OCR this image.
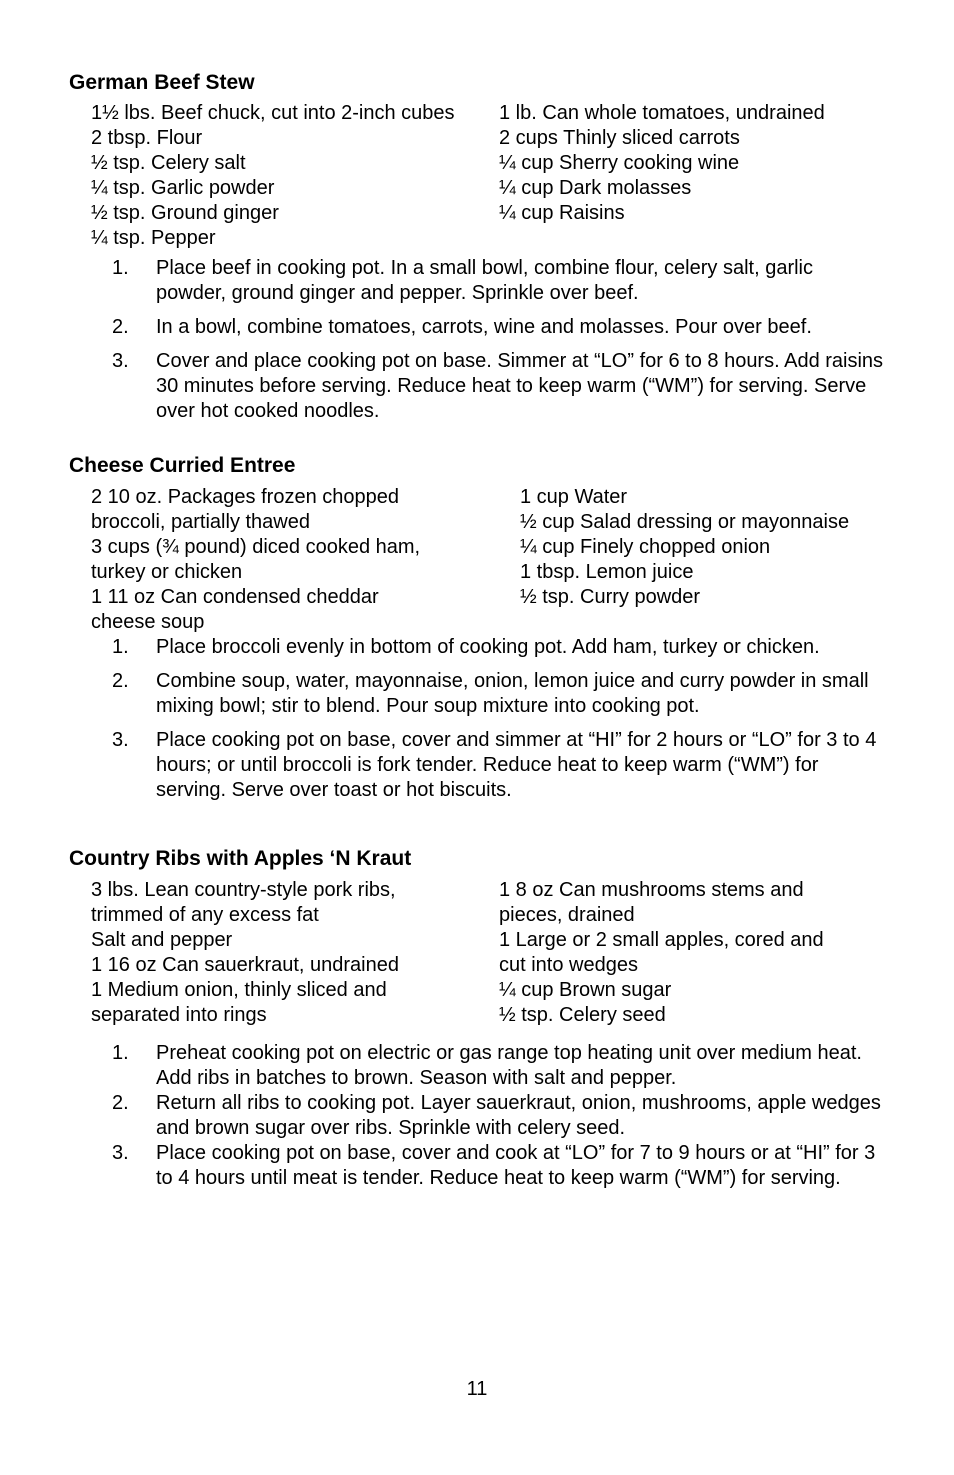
German Beef Stew
1½ lbs. Beef chuck, cut into 2-inch cubes
2 tbsp. Flour
½ tsp. Celery salt
¼ tsp. Garlic powder
½ tsp. Ground ginger
¼ tsp. Pepper
1 lb. Can whole tomatoes, undrained
2 cups Thinly sliced carrots
¼ cup Sherry cooking wine
¼ cup Dark molasses
¼ cup Raisins
1. Place beef in cooking pot. In a small bowl, combine flour, celery salt, garlic powder, ground ginger and pepper. Sprinkle over beef.
2. In a bowl, combine tomatoes, carrots, wine and molasses. Pour over beef.
3. Cover and place cooking pot on base. Simmer at “LO” for 6 to 8 hours. Add raisins 30 minutes before serving. Reduce heat to keep warm (“WM”) for serving. Serve over hot cooked noodles.
Cheese Curried Entree
2 10 oz. Packages frozen chopped
broccoli, partially thawed
3 cups (¾ pound) diced cooked ham,
turkey or chicken
1 11 oz Can condensed cheddar
cheese soup
1 cup Water
½ cup Salad dressing or mayonnaise
¼ cup Finely chopped onion
1 tbsp. Lemon juice
½ tsp. Curry powder
1. Place broccoli evenly in bottom of cooking pot. Add ham, turkey or chicken.
2. Combine soup, water, mayonnaise, onion, lemon juice and curry powder in small mixing bowl; stir to blend. Pour soup mixture into cooking pot.
3. Place cooking pot on base, cover and simmer at “HI” for 2 hours or “LO” for 3 to 4 hours; or until broccoli is fork tender. Reduce heat to keep warm (“WM”) for serving. Serve over toast or hot biscuits.
Country Ribs with Apples ‘N Kraut
3 lbs. Lean country-style pork ribs,
trimmed of any excess fat
Salt and pepper
1 16 oz Can sauerkraut, undrained
1 Medium onion, thinly sliced and
separated into rings
1 8 oz Can mushrooms stems and
pieces, drained
1 Large or 2 small apples, cored and
cut into wedges
¼ cup Brown sugar
½ tsp. Celery seed
1. Preheat cooking pot on electric or gas range top heating unit over medium heat. Add ribs in batches to brown. Season with salt and pepper.
2. Return all ribs to cooking pot. Layer sauerkraut, onion, mushrooms, apple wedges and brown sugar over ribs. Sprinkle with celery seed.
3. Place cooking pot on base, cover and cook at “LO” for 7 to 9 hours or at “HI” for 3 to 4 hours until meat is tender. Reduce heat to keep warm (“WM”) for serving.
11
